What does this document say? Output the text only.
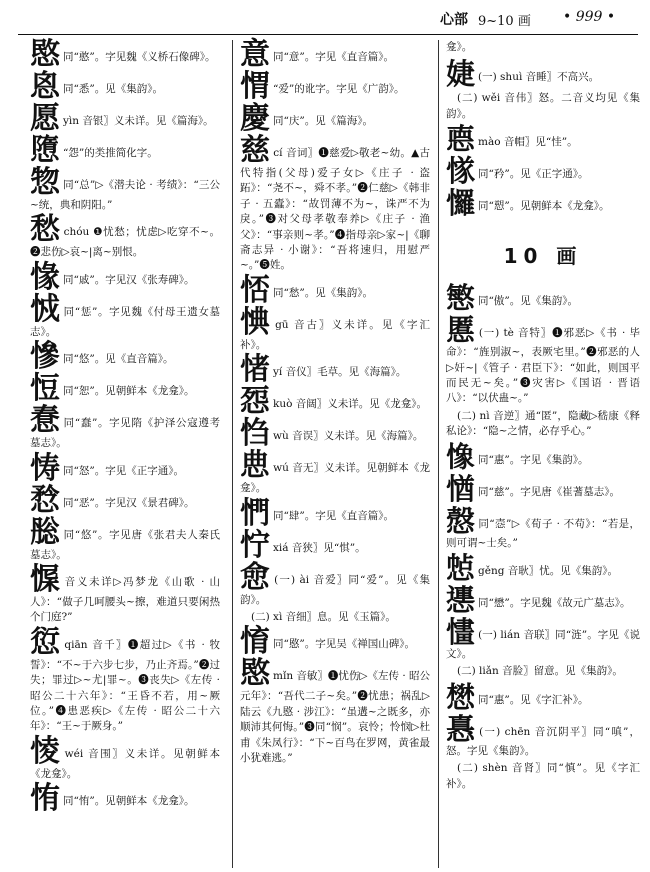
心部 9~10 画 • 999 •
愍同“憨”。字见魏《义桥石像碑》。
恖同“悉”。见《集韵》。
愿yìn 音银〗义未详。见《篇海》。
𢡢 “怨”的类推简化字。
惣同“总”▷《潜夫论 · 考绩》：“三公~统，典和阴阳。”
愁chóu ❶忧愁；忧虑▷吃穿不~。❷悲伤▷哀~|离~别恨。
㥟同“戚”。字见汉《张寿碑》。
㤜同“惩”。字见魏《付母王遗女墓志》。
慘同“悠”。见《直音篇》。
㤱同“恕”。见朝鲜本《龙龛》。
惷同“蠢”。字见隋《护泽公寇遵考墓志》。
㤽同“怒”。字见《正字通》。
㥤同“恶”。字见汉《景君碑》。
㥖同“悠”。字见唐《张君夫人秦氏墓志》。
㥡音义未详▷冯梦龙《山歌 · 山人》：“做子几呵腰头~擦，难道只要闲热个门庭?”
愆qiān 音千〗❶超过▷《书 · 牧誓》：“不~于六步七步，乃止齐焉。”❷过失；罪过▷~尤|罪~。❸丧失▷《左传 · 昭公二十六年》：“王昏不若，用~厥位。”❹患恶疾▷《左传 · 昭公二十六年》：“王~于厥身。”
㥄wéi 音围〗义未详。见朝鲜本《龙龛》。
㤢同“㤢”。见朝鲜本《龙龛》。
意同“意”。字见《直音篇》。
㥜 “爱”的讹字。字见《广韵》。
慶同“庆”。见《篇海》。
慈cí 音词〗❶慈爱▷敬老~幼。▲古代特指(父母)爱子女▷《庄子 · 盗跖》：“尧不~，舜不孝。”❷仁慈▷《韩非子 · 五蠹》：“故罚薄不为~，诛严不为戾。”❸对父母孝敬奉养▷《庄子 · 渔父》：“事亲则~孝。”❹指母亲▷家~|《聊斋志异 · 小谢》：“吾将速归，用慰严~。”❺姓。
㤳同“愁”。见《集韵》。
㥏gū 音古〗义未详。见《字汇补》。
㥩yí 音仪〗毛草。见《海篇》。
㤪kuò 音阔〗义未详。见《龙龛》。
㤘wù 音误〗义未详。见《海篇》。
㤟wú 音无〗义未详。见朝鲜本《龙龛》。
㥃同“肆”。字见《直音篇》。
㤖xiá 音狭〗见“㥍”。
㥐 (一) ài 音爱〗同“爱”。见《集韵》。
(二) xì 音细〗息。见《玉篇》。
㥔同“愍”。字见吴《禅国山碑》。
愍mǐn 音敏〗❶忧伤▷《左传 · 昭公元年》：“吾代二子~矣。”❷忧患；祸乱▷陆云《九愍 · 涉江》：“虽遘~之既多，亦顺沛其何悔。”❸同“悯”。哀怜；怜悯▷杜甫《朱凤行》：“下~百鸟在罗网，黄雀最小犹难逃。”
龛》。
婕 (一) shuì 音睡〗不高兴。
(二) wěi 音伟〗怒。二音义均见《集韵》。
㥁mào 音帽〗见“㤬”。
㥞同“矜”。见《正字通》。
㦬同“愬”。见朝鲜本《龙龛》。
10 画
慜同“傲”。见《集韵》。
慝 (一) tè 音特〗❶邪恶▷《书 · 毕命》：“旌别淑~，表厥宅里。”❷邪恶的人▷奸~|《管子 · 君臣下》：“如此，则国平而民无~矣。”❸灾害▷《国语 · 晋语八》：“以伏蛊~。”
(二) nì 音逆〗通“匿”，隐藏▷嵇康《释私论》：“隐~之情，必存乎心。”
𢠽同“惠”。字见《集韵》。
㥢同“慈”。字见唐《崔蓍墓志》。
慤同“悫”▷《荀子 · 不苟》：“若是，则可谓~士矣。”
㥈gěng 音耿〗忧。见《集韵》。
㦁同“懋”。字见魏《故元广墓志》。
㦎 (一) lián 音联〗同“涟”。字见《说文》。
(二) liǎn 音脸〗留意。见《集韵》。
𢡟同“惠”。见《字汇补》。
㥲 (一) chēn 音沉阴平〗同“嗔”，怒。字见《集韵》。
(二) shèn 音肾〗同“慎”。见《字汇补》。
